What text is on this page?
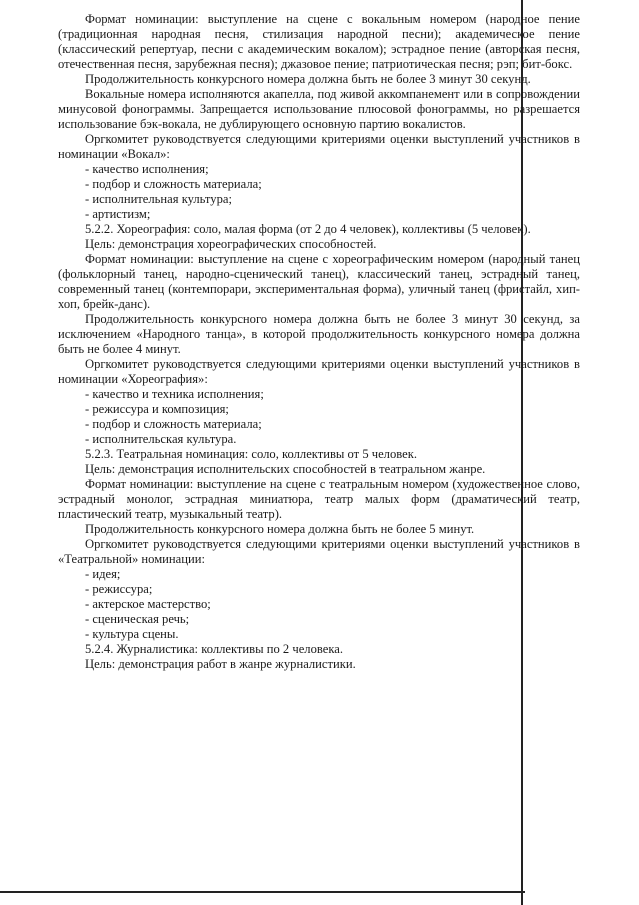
Формат номинации: выступление на сцене с вокальным номером (народное пение (традиционная народная песня, стилизация народной песни); академическое пение (классический репертуар, песни с академическим вокалом); эстрадное пение (авторская песня, отечественная песня, зарубежная песня); джазовое пение; патриотическая песня; рэп; бит-бокс.

Продолжительность конкурсного номера должна быть не более 3 минут 30 секунд.

Вокальные номера исполняются акапелла, под живой аккомпанемент или в сопровождении минусовой фонограммы. Запрещается использование плюсовой фонограммы, но разрешается использование бэк-вокала, не дублирующего основную партию вокалистов.

Оргкомитет руководствуется следующими критериями оценки выступлений участников в номинации «Вокал»:

- качество исполнения;

- подбор и сложность материала;

- исполнительная культура;

- артистизм;

5.2.2. Хореография: соло, малая форма (от 2 до 4 человек), коллективы (5 человек).

Цель: демонстрация хореографических способностей.

Формат номинации: выступление на сцене с хореографическим номером (народный танец (фольклорный танец, народно-сценический танец), классический танец, эстрадный танец, современный танец (контемпорари, экспериментальная форма), уличный танец (фристайл, хип-хоп, брейк-данс).

Продолжительность конкурсного номера должна быть не более 3 минут 30 секунд, за исключением «Народного танца», в которой продолжительность конкурсного номера должна быть не более 4 минут.

Оргкомитет руководствуется следующими критериями оценки выступлений участников в номинации «Хореография»:

- качество и техника исполнения;

- режиссура и композиция;

- подбор и сложность материала;

- исполнительская культура.

5.2.3. Театральная номинация: соло, коллективы от 5 человек.

Цель: демонстрация исполнительских способностей в театральном жанре.

Формат номинации: выступление на сцене с театральным номером (художественное слово, эстрадный монолог, эстрадная миниатюра, театр малых форм (драматический театр, пластический театр, музыкальный театр).

Продолжительность конкурсного номера должна быть не более 5 минут.

Оргкомитет руководствуется следующими критериями оценки выступлений участников в «Театральной» номинации:

- идея;

- режиссура;

- актерское мастерство;

- сценическая речь;

- культура сцены.

5.2.4. Журналистика: коллективы по 2 человека.

Цель: демонстрация работ в жанре журналистики.
